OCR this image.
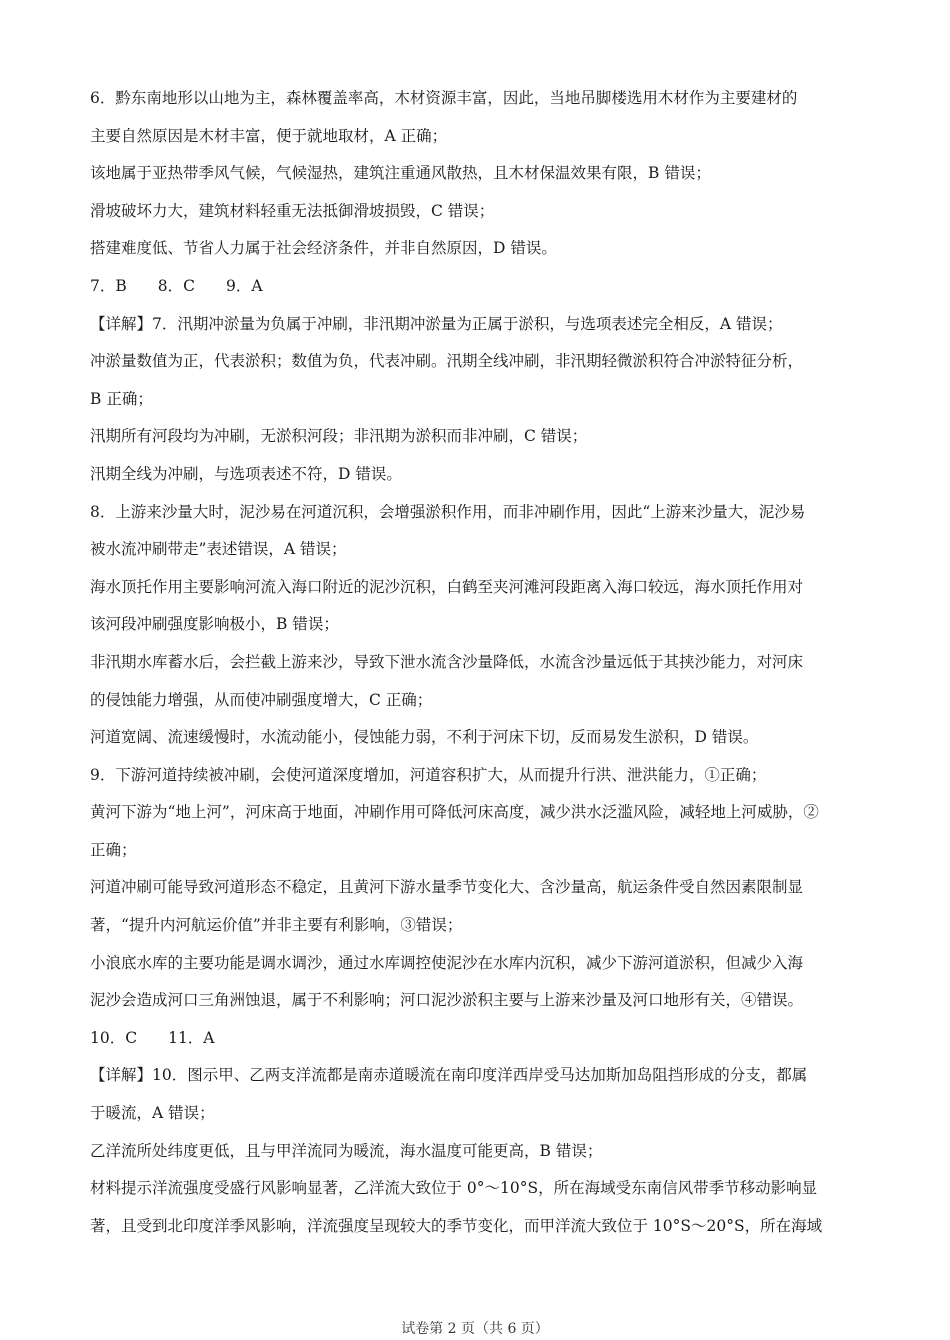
6．黔东南地形以山地为主，森林覆盖率高，木材资源丰富，因此，当地吊脚楼选用木材作为主要建材的
主要自然原因是木材丰富，便于就地取材，A 正确；
该地属于亚热带季风气候，气候湿热，建筑注重通风散热，且木材保温效果有限，B 错误；
滑坡破坏力大，建筑材料轻重无法抵御滑坡损毁，C 错误；
搭建难度低、节省人力属于社会经济条件，并非自然原因，D 错误。
7．B　　8．C　　9．A
【详解】7．汛期冲淤量为负属于冲刷，非汛期冲淤量为正属于淤积，与选项表述完全相反，A 错误；
冲淤量数值为正，代表淤积；数值为负，代表冲刷。汛期全线冲刷，非汛期轻微淤积符合冲淤特征分析，
B 正确；
汛期所有河段均为冲刷，无淤积河段；非汛期为淤积而非冲刷，C 错误；
汛期全线为冲刷，与选项表述不符，D 错误。
8．上游来沙量大时，泥沙易在河道沉积，会增强淤积作用，而非冲刷作用，因此“上游来沙量大，泥沙易
被水流冲刷带走”表述错误，A 错误；
海水顶托作用主要影响河流入海口附近的泥沙沉积，白鹤至夹河滩河段距离入海口较远，海水顶托作用对
该河段冲刷强度影响极小，B 错误；
非汛期水库蓄水后，会拦截上游来沙，导致下泄水流含沙量降低，水流含沙量远低于其挟沙能力，对河床
的侵蚀能力增强，从而使冲刷强度增大，C 正确；
河道宽阔、流速缓慢时，水流动能小，侵蚀能力弱，不利于河床下切，反而易发生淤积，D 错误。
9．下游河道持续被冲刷，会使河道深度增加，河道容积扩大，从而提升行洪、泄洪能力，①正确；
黄河下游为“地上河”，河床高于地面，冲刷作用可降低河床高度，减少洪水泛滥风险，减轻地上河威胁，②
正确；
河道冲刷可能导致河道形态不稳定，且黄河下游水量季节变化大、含沙量高，航运条件受自然因素限制显
著，“提升内河航运价值”并非主要有利影响，③错误；
小浪底水库的主要功能是调水调沙，通过水库调控使泥沙在水库内沉积，减少下游河道淤积，但减少入海
泥沙会造成河口三角洲蚀退，属于不利影响；河口泥沙淤积主要与上游来沙量及河口地形有关，④错误。
10．C　　11．A
【详解】10．图示甲、乙两支洋流都是南赤道暖流在南印度洋西岸受马达加斯加岛阻挡形成的分支，都属
于暖流，A 错误；
乙洋流所处纬度更低，且与甲洋流同为暖流，海水温度可能更高，B 错误；
材料提示洋流强度受盛行风影响显著，乙洋流大致位于 0°～10°S，所在海域受东南信风带季节移动影响显
著，且受到北印度洋季风影响，洋流强度呈现较大的季节变化，而甲洋流大致位于 10°S～20°S，所在海域
试卷第 2 页（共 6 页）
